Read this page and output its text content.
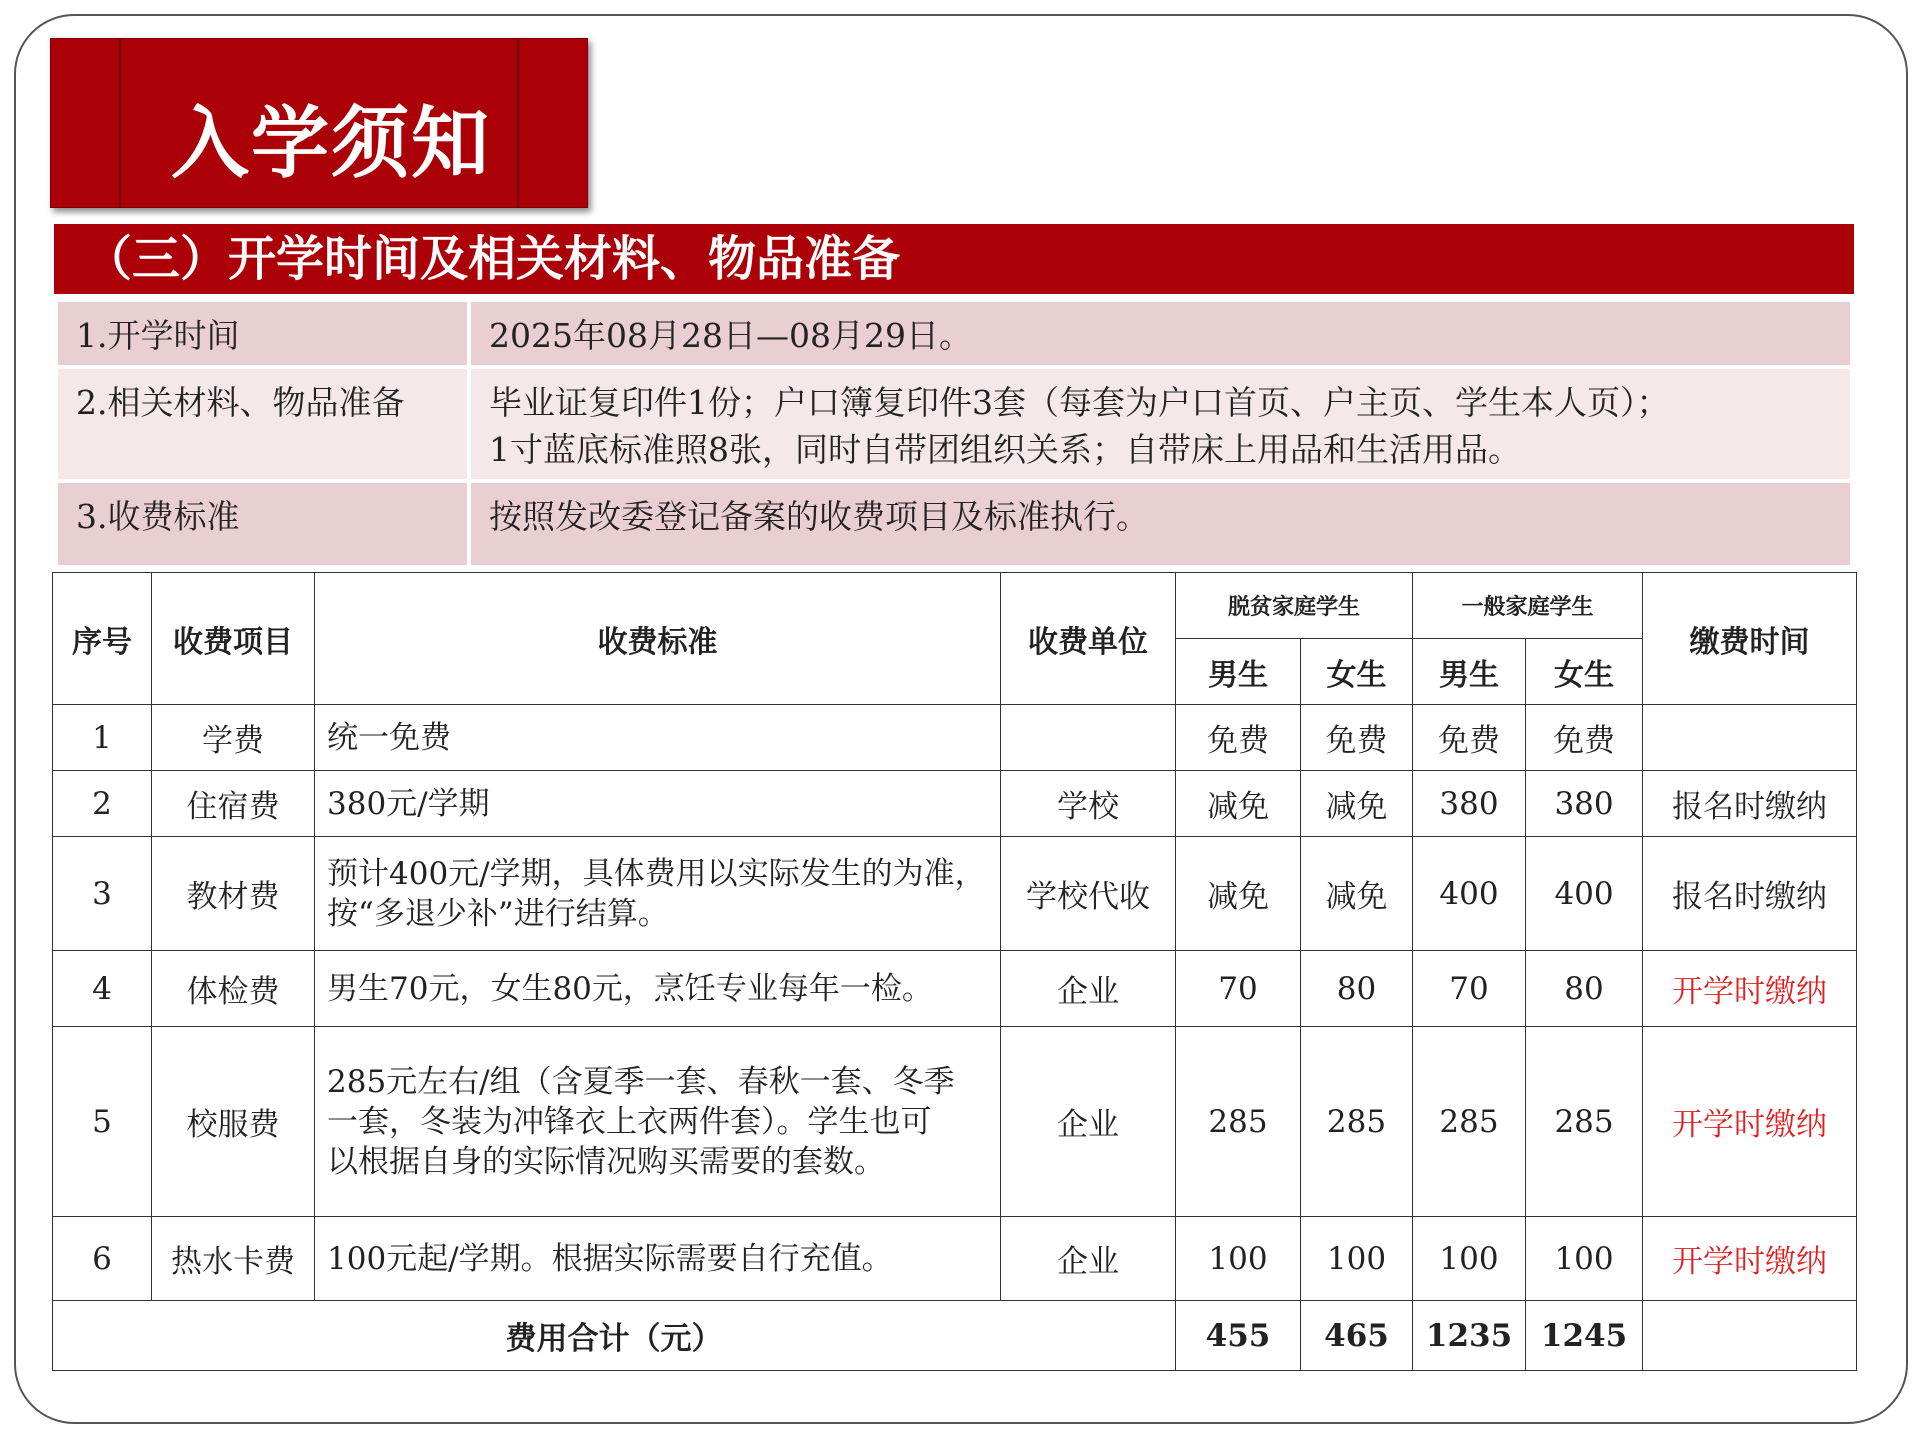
入学须知
（三）开学时间及相关材料、物品准备
1.开学时间	2025年08月28日—08月29日。

2.相关材料、物品准备	毕业证复印件1份；户口簿复印件3套（每套为户口首页、户主页、学生本人页）；
1寸蓝底标准照8张，同时自带团组织关系；自带床上用品和生活用品。

3.收费标准	按照发改委登记备案的收费项目及标准执行。
序号	收费项目	收费标准	收费单位	脱贫家庭学生		一般家庭学生		缴费时间
				男生	女生	男生	女生	
1	学费	统一免费		免费	免费	免费	免费	
2	住宿费	380元/学期	学校	减免	减免	380	380	报名时缴纳
3	教材费	预计400元/学期，具体费用以实际发生的为准，
按“多退少补”进行结算。	学校代收	减免	减免	400	400	报名时缴纳
4	体检费	男生70元，女生80元，烹饪专业每年一检。	企业	70	80	70	80	开学时缴纳
5	校服费	285元左右/组（含夏季一套、春秋一套、冬季
一套，冬装为冲锋衣上衣两件套）。学生也可
以根据自身的实际情况购买需要的套数。	企业	285	285	285	285	开学时缴纳
6	热水卡费	100元起/学期。根据实际需要自行充值。	企业	100	100	100	100	开学时缴纳
费用合计（元）				455	465	1235	1245	
